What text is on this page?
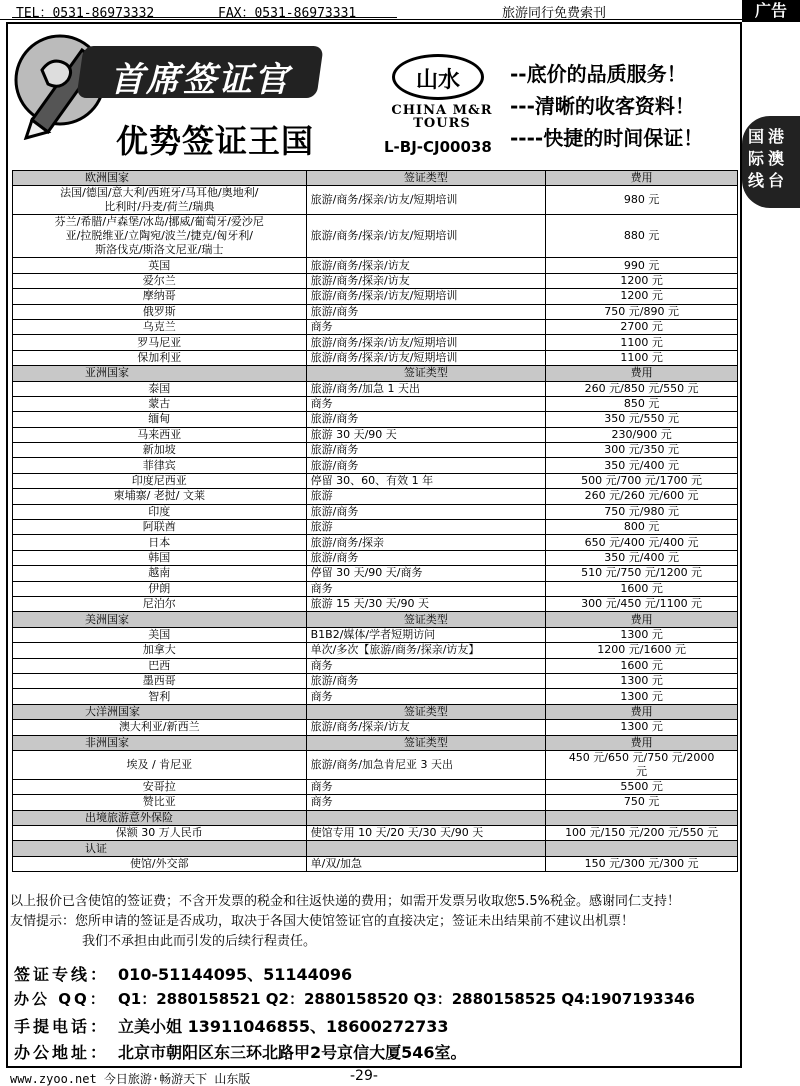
TEL：0531-86973332	FAX：0531-86973331	旅游同行免费索刊	广告
首席签证官
优势签证王国
山水
CHINA M&R
TOURS
L-BJ-CJ00038
--底价的品质服务！
---清晰的收客资料！
----快捷的时间保证！	国港
际澳
线台
欧洲国家	签证类型	费用
法国/德国/意大利/西班牙/马耳他/奥地利/
比利时/丹麦/荷兰/瑞典	旅游/商务/探亲/访友/短期培训	980 元
芬兰/希腊/卢森堡/冰岛/挪威/葡萄牙/爱沙尼
亚/拉脱维亚/立陶宛/波兰/捷克/匈牙利/
斯洛伐克/斯洛文尼亚/瑞士	旅游/商务/探亲/访友/短期培训	880 元
英国	旅游/商务/探亲/访友	990 元
爱尔兰	旅游/商务/探亲/访友	1200 元
摩纳哥	旅游/商务/探亲/访友/短期培训	1200 元
俄罗斯	旅游/商务	750 元/890 元
乌克兰	商务	2700 元
罗马尼亚	旅游/商务/探亲/访友/短期培训	1100 元
保加利亚	旅游/商务/探亲/访友/短期培训	1100 元
亚洲国家	签证类型	费用
泰国	旅游/商务/加急 1 天出	260 元/850 元/550 元
蒙古	商务	850 元
缅甸	旅游/商务	350 元/550 元
马来西亚	旅游 30 天/90 天	230/900 元
新加坡	旅游/商务	300 元/350 元
菲律宾	旅游/商务	350 元/400 元
印度尼西亚	停留 30、60、有效 1 年	500 元/700 元/1700 元
柬埔寨/ 老挝/ 文莱	旅游	260 元/260 元/600 元
印度	旅游/商务	750 元/980 元
阿联酋	旅游	800 元
日本	旅游/商务/探亲	650 元/400 元/400 元
韩国	旅游/商务	350 元/400 元
越南	停留 30 天/90 天/商务	510 元/750 元/1200 元
伊朗	商务	1600 元
尼泊尔	旅游 15 天/30 天/90 天	300 元/450 元/1100 元
美洲国家	签证类型	费用
美国	B1B2/媒体/学者短期访问	1300 元
加拿大	单次/多次【旅游/商务/探亲/访友】	1200 元/1600 元
巴西	商务	1600 元
墨西哥	旅游/商务	1300 元
智利	商务	1300 元
大洋洲国家	签证类型	费用
澳大利亚/新西兰	旅游/商务/探亲/访友	1300 元
非洲国家	签证类型	费用
埃及 / 肯尼亚	旅游/商务/加急肯尼亚 3 天出	450 元/650 元/750 元/2000
元
安哥拉	商务	5500 元
赞比亚	商务	750 元
出境旅游意外保险		
保额 30 万人民币	使馆专用 10 天/20 天/30 天/90 天	100 元/150 元/200 元/550 元
认证		
使馆/外交部	单/双/加急	150 元/300 元/300 元
以上报价已含使馆的签证费；不含开发票的税金和往返快递的费用；如需开发票另收取您5.5%税金。感谢同仁支持！
友情提示：您所申请的签证是否成功，取决于各国大使馆签证官的直接决定；签证未出结果前不建议出机票！
我们不承担由此而引发的后续行程责任。
签证专线： 010-51144095、51144096
办公 QQ： Q1：2880158521 Q2：2880158520 Q3：2880158525 Q4:1907193346
手提电话： 立美小姐 13911046855、18600272733
办公地址： 北京市朝阳区东三环北路甲2号京信大厦546室。
www.zyoo.net 今日旅游·畅游天下 山东版	-29-
